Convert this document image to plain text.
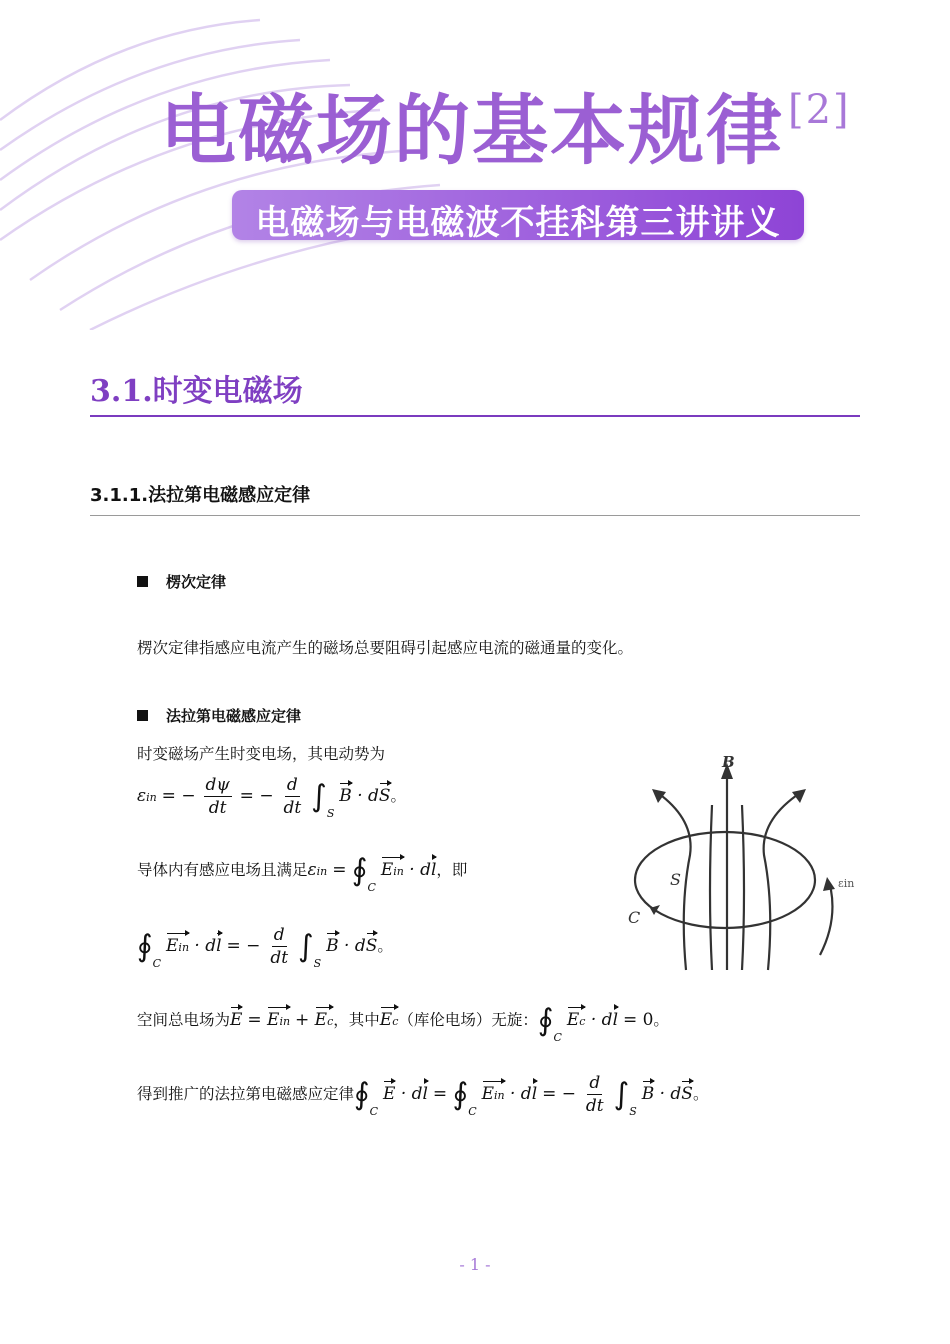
电磁场的基本规律 [2]
电磁场与电磁波不挂科第三讲讲义
3.1.时变电磁场
3.1.1.法拉第电磁感应定律
楞次定律
楞次定律指感应电流产生的磁场总要阻碍引起感应电流的磁通量的变化。
法拉第电磁感应定律
时变磁场产生时变电场，其电动势为
εin = − $\frac{d\psi}{dt}$ = − $\frac{d}{dt} \int_S$ B · dS。
导体内有感应电场且满足$\varepsilon in = ∮_C$ Ein · dl，即
$∮_C$ Ein · dl = − $\frac{d}{dt} \int_S$ B · dS。
空间总电场为E = Ein + Ec，其中Ec（库伦电场）无旋：$∮_C$ Ec · dl = 0。
得到推广的法拉第电磁感应定律$∮_C$ E · dl = $∮_C$ Ein · dl = − $\frac{d}{dt} \int_S$ B · dS。
B
S
C
εin
- 1 -
